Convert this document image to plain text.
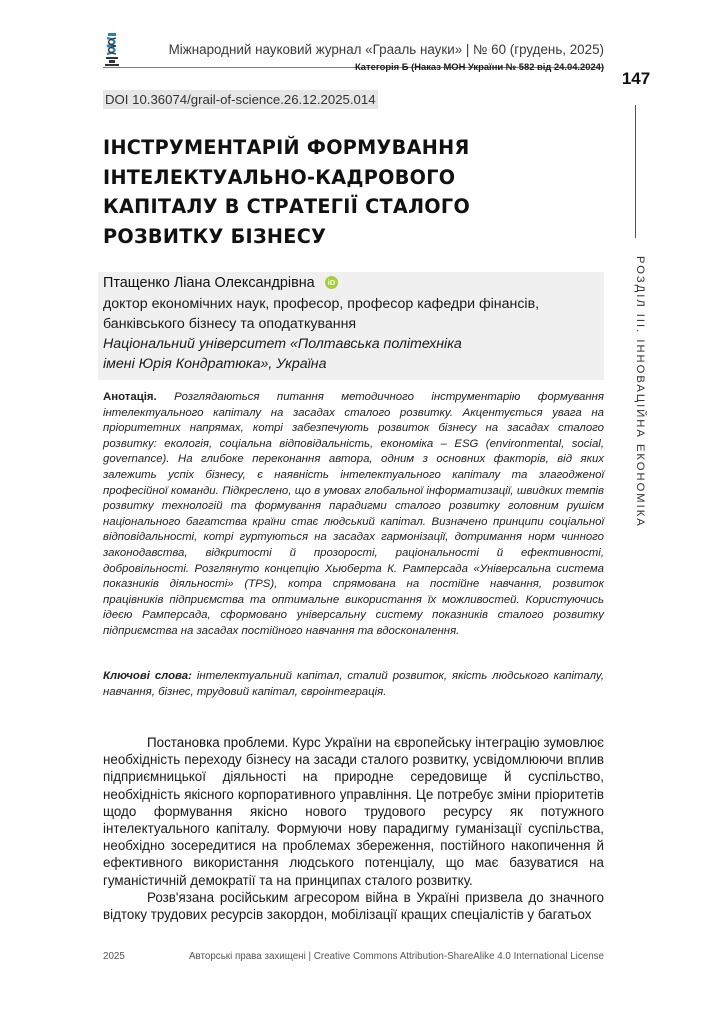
Міжнародний науковий журнал «Грааль науки» | № 60 (грудень, 2025)
Категорія Б (Наказ МОН України № 582 від 24.04.2024)
147
РОЗДІЛ ІІІ. ІННОВАЦІЙНА ЕКОНОМІКА
DOI 10.36074/grail-of-science.26.12.2025.014
ІНСТРУМЕНТАРІЙ ФОРМУВАННЯ
ІНТЕЛЕКТУАЛЬНО-КАДРОВОГО
КАПІТАЛУ В СТРАТЕГІЇ СТАЛОГО
РОЗВИТКУ БІЗНЕСУ
Птащенко Ліана Олександрівна	iD
доктор економічних наук, професор, професор кафедри фінансів,
банківського бізнесу та оподаткування
Національний університет «Полтавська політехніка
імені Юрія Кондратюка», Україна
Анотація. Розглядаються питання методичного інструментарію формування інтелектуального капіталу на засадах сталого розвитку. Акцентується увага на пріоритетних напрямах, котрі забезпечують розвиток бізнесу на засадах сталого розвитку: екологія, соціальна відповідальність, економіка – ESG (environmental, social, governance). На глибоке переконання автора, одним з основних факторів, від яких залежить успіх бізнесу, є наявність інтелектуального капіталу та злагодженої професійної команди. Підкреслено, що в умовах глобальної інформатизації, швидких темпів розвитку технологій та формування парадигми сталого розвитку головним рушієм національного багатства країни стає людський капітал. Визначено принципи соціальної відповідальності, котрі гуртуються на засадах гармонізації, дотримання норм чинного законодавства, відкритості й прозорості, раціональності й ефективності, добровільності. Розглянуто концепцію Хьюберта К. Рамперсада «Універсальна система показників діяльності» (TPS), котра спрямована на постійне навчання, розвиток працівників підприємства та оптимальне використання їх можливостей. Користуючись ідеєю Рамперсада, сформовано універсальну систему показників сталого розвитку підприємства на засадах постійного навчання та вдосконалення.
Ключові слова: інтелектуальний капітал, сталий розвиток, якість людського капіталу, навчання, бізнес, трудовий капітал, євроінтеграція.

Постановка проблеми. Курс України на європейську інтеграцію зумовлює необхідність переходу бізнесу на засади сталого розвитку, усвідомлюючи вплив підприємницької діяльності на природне середовище й суспільство, необхідність якісного корпоративного управління. Це потребує зміни пріоритетів щодо формування якісно нового трудового ресурсу як потужного інтелектуального капіталу. Формуючи нову парадигму гуманізації суспільства, необхідно зосередитися на проблемах збереження, постійного накопичення й ефективного використання людського потенціалу, що має базуватися на гуманістичній демократії та на принципах сталого розвитку.

Розв'язана російським агресором війна в Україні призвела до значного відтоку трудових ресурсів закордон, мобілізації кращих спеціалістів у багатьох

2025	Авторські права захищені | Creative Commons Attribution-ShareAlike 4.0 International License
